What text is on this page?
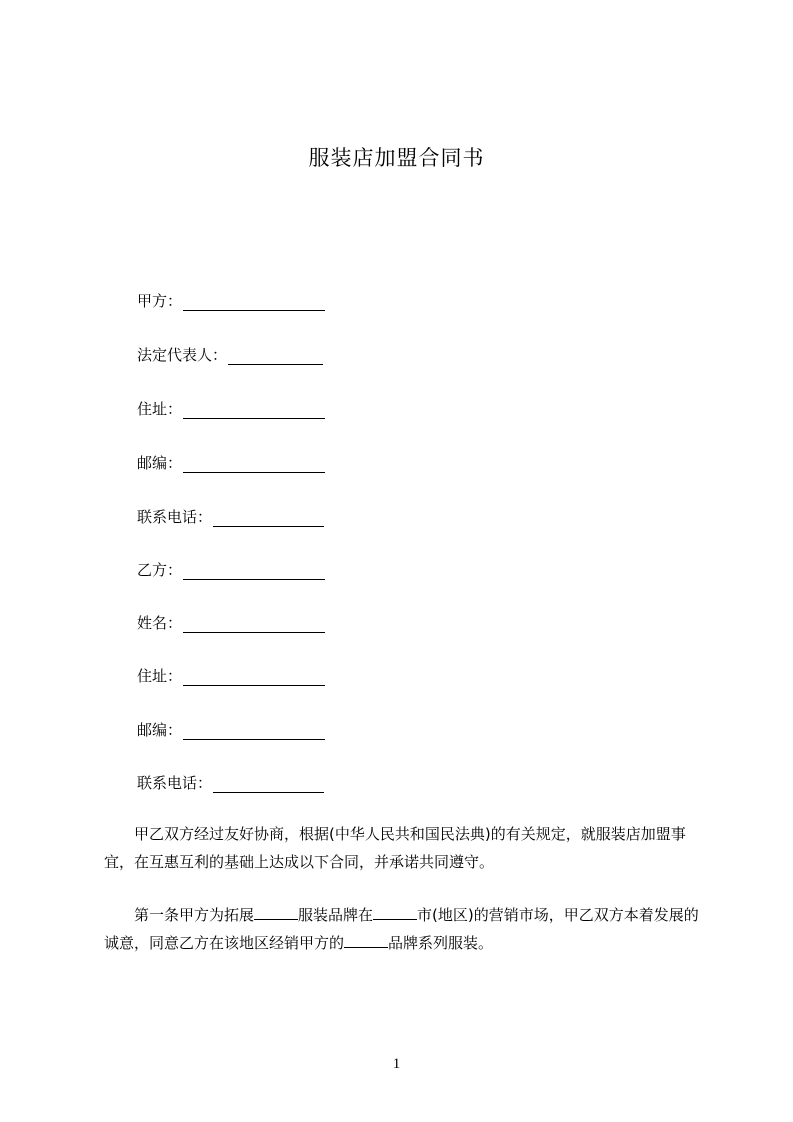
服装店加盟合同书
甲方：
法定代表人：
住址：
邮编：
联系电话：
乙方：
姓名：
住址：
邮编：
联系电话：

甲乙双方经过友好协商，根据(中华人民共和国民法典)的有关规定，就服装店加盟事宜，在互惠互利的基础上达成以下合同，并承诺共同遵守。

第一条甲方为拓展	服装品牌在	市(地区)的营销市场，甲乙双方本着发展的诚意，同意乙方在该地区经销甲方的	品牌系列服装。

1
